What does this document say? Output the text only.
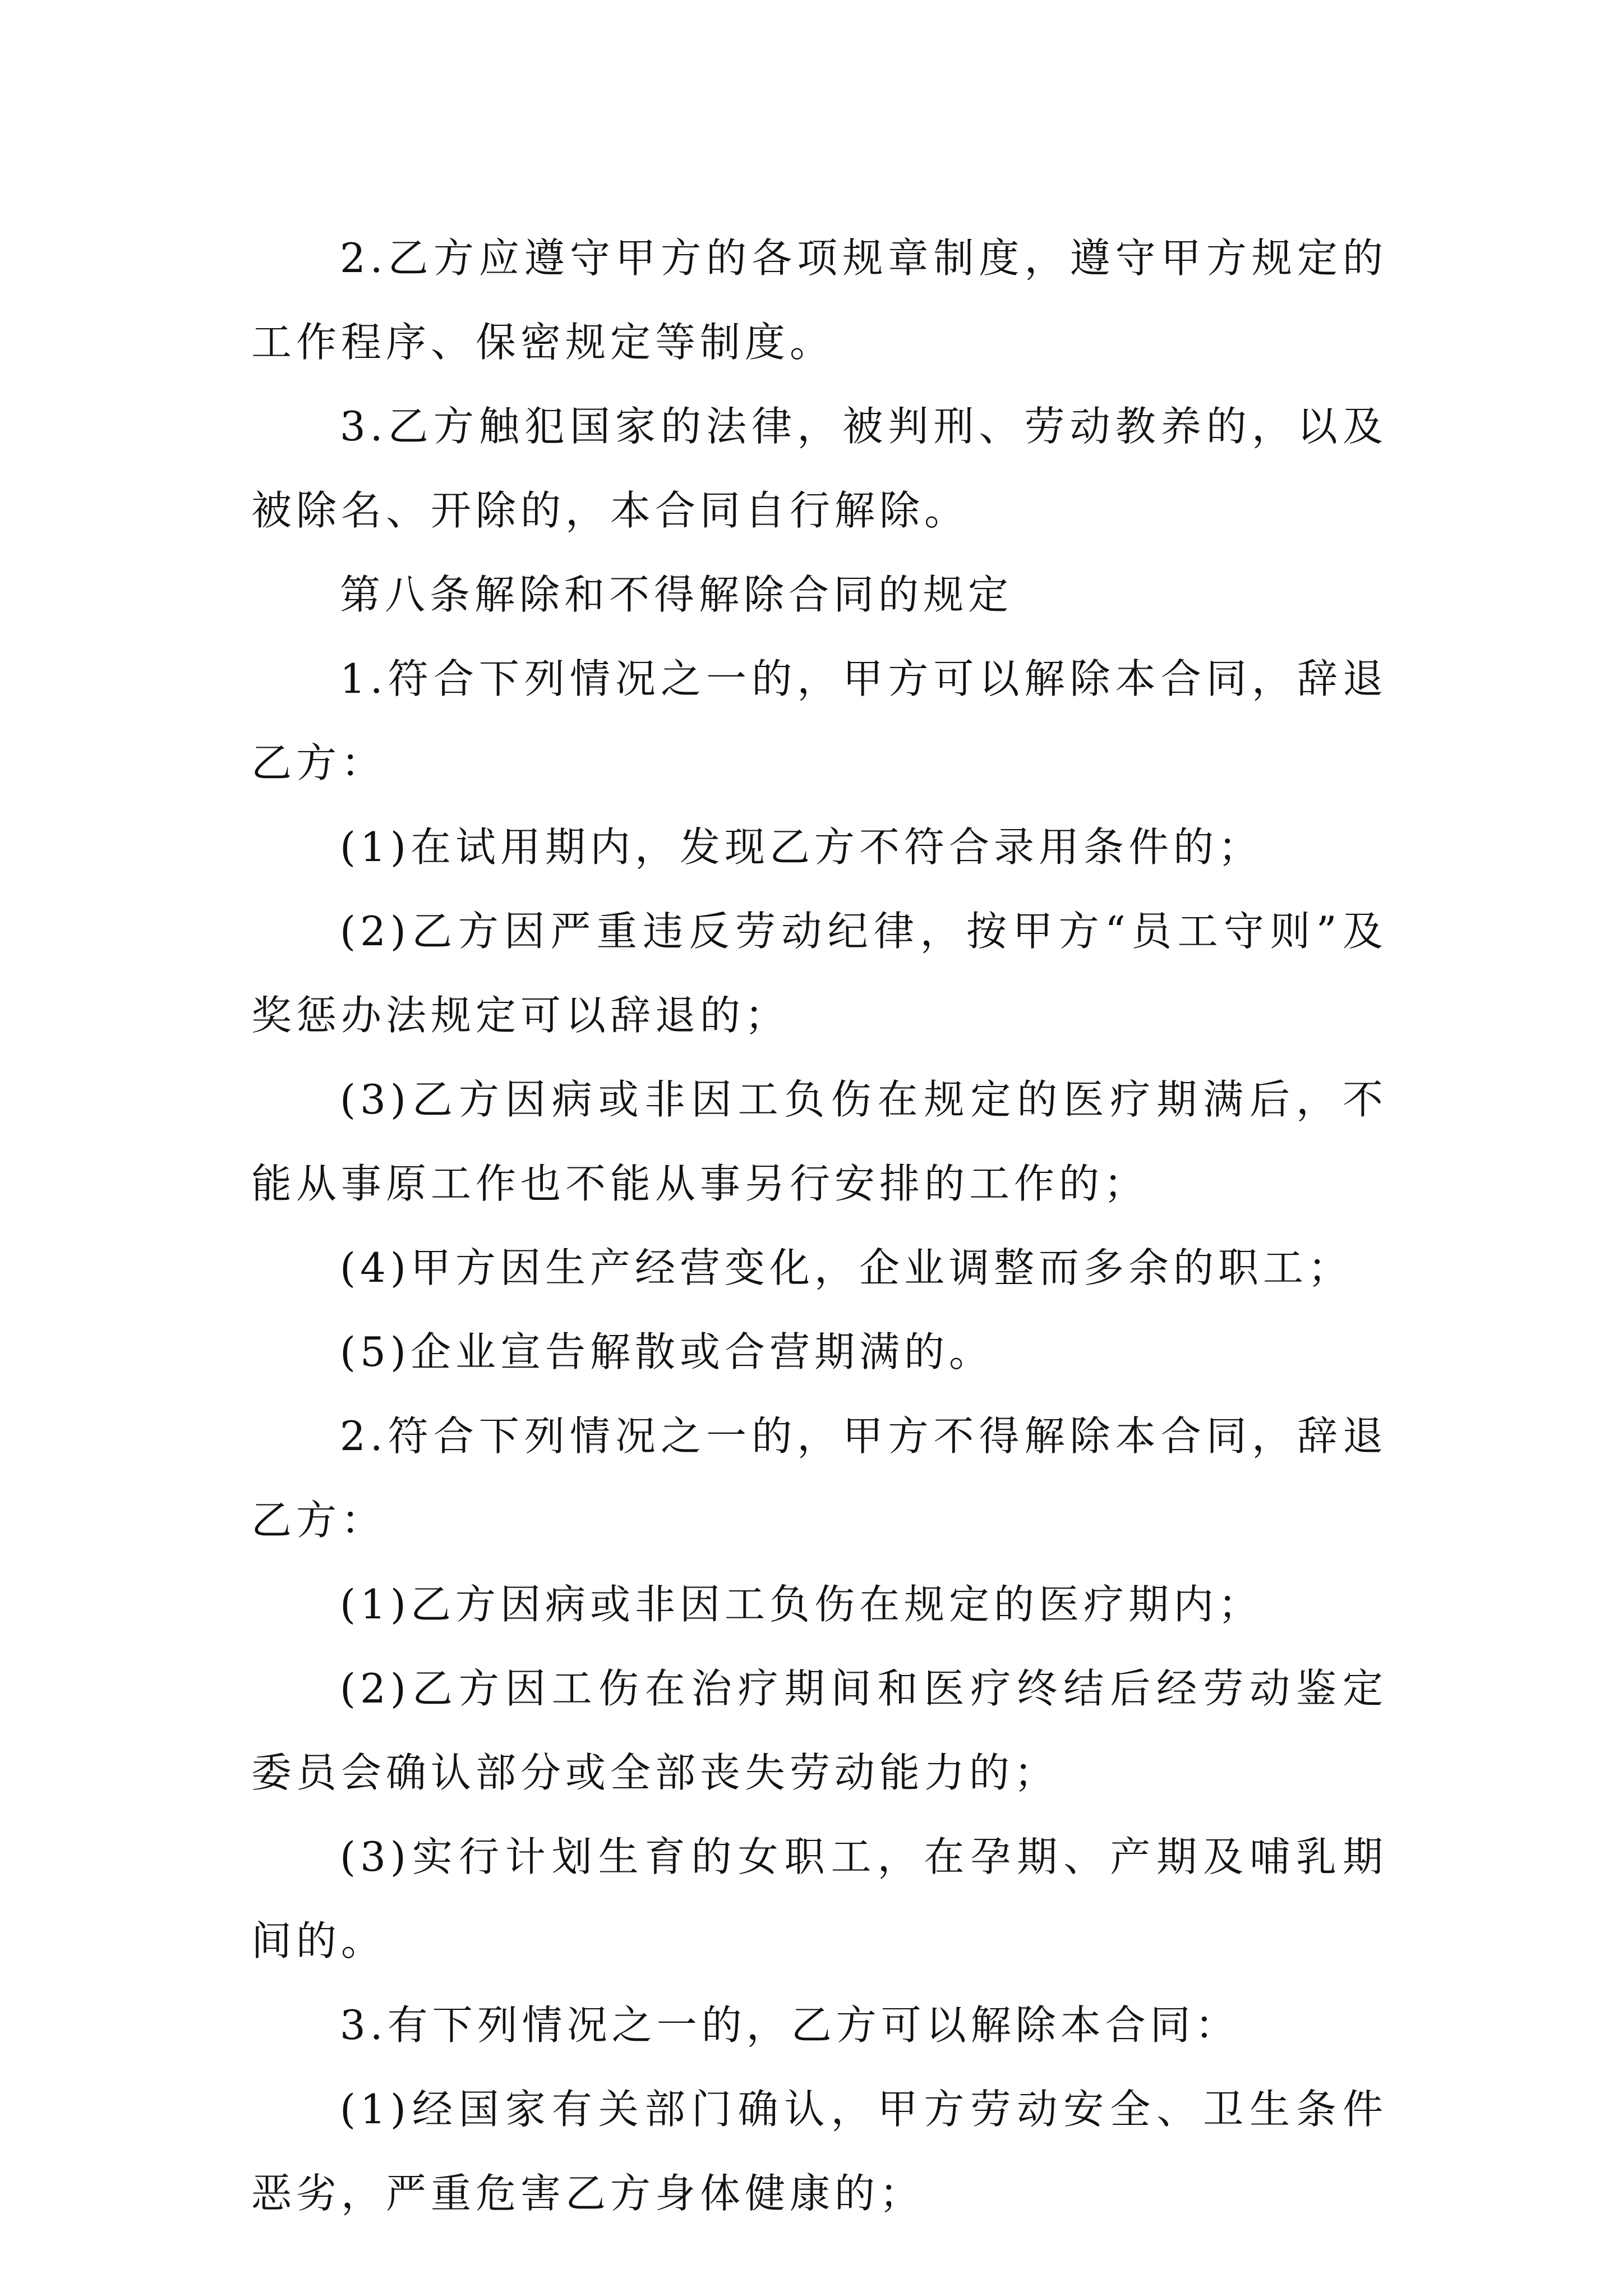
2.乙方应遵守甲方的各项规章制度，遵守甲方规定的工作程序、保密规定等制度。

3.乙方触犯国家的法律，被判刑、劳动教养的，以及被除名、开除的，本合同自行解除。

第八条解除和不得解除合同的规定

1.符合下列情况之一的，甲方可以解除本合同，辞退乙方：

(1)在试用期内，发现乙方不符合录用条件的；

(2)乙方因严重违反劳动纪律，按甲方“员工守则”及奖惩办法规定可以辞退的；

(3)乙方因病或非因工负伤在规定的医疗期满后，不能从事原工作也不能从事另行安排的工作的；

(4)甲方因生产经营变化，企业调整而多余的职工；

(5)企业宣告解散或合营期满的。

2.符合下列情况之一的，甲方不得解除本合同，辞退乙方：

(1)乙方因病或非因工负伤在规定的医疗期内；

(2)乙方因工伤在治疗期间和医疗终结后经劳动鉴定委员会确认部分或全部丧失劳动能力的；

(3)实行计划生育的女职工，在孕期、产期及哺乳期间的。

3.有下列情况之一的，乙方可以解除本合同：

(1)经国家有关部门确认，甲方劳动安全、卫生条件恶劣，严重危害乙方身体健康的；
